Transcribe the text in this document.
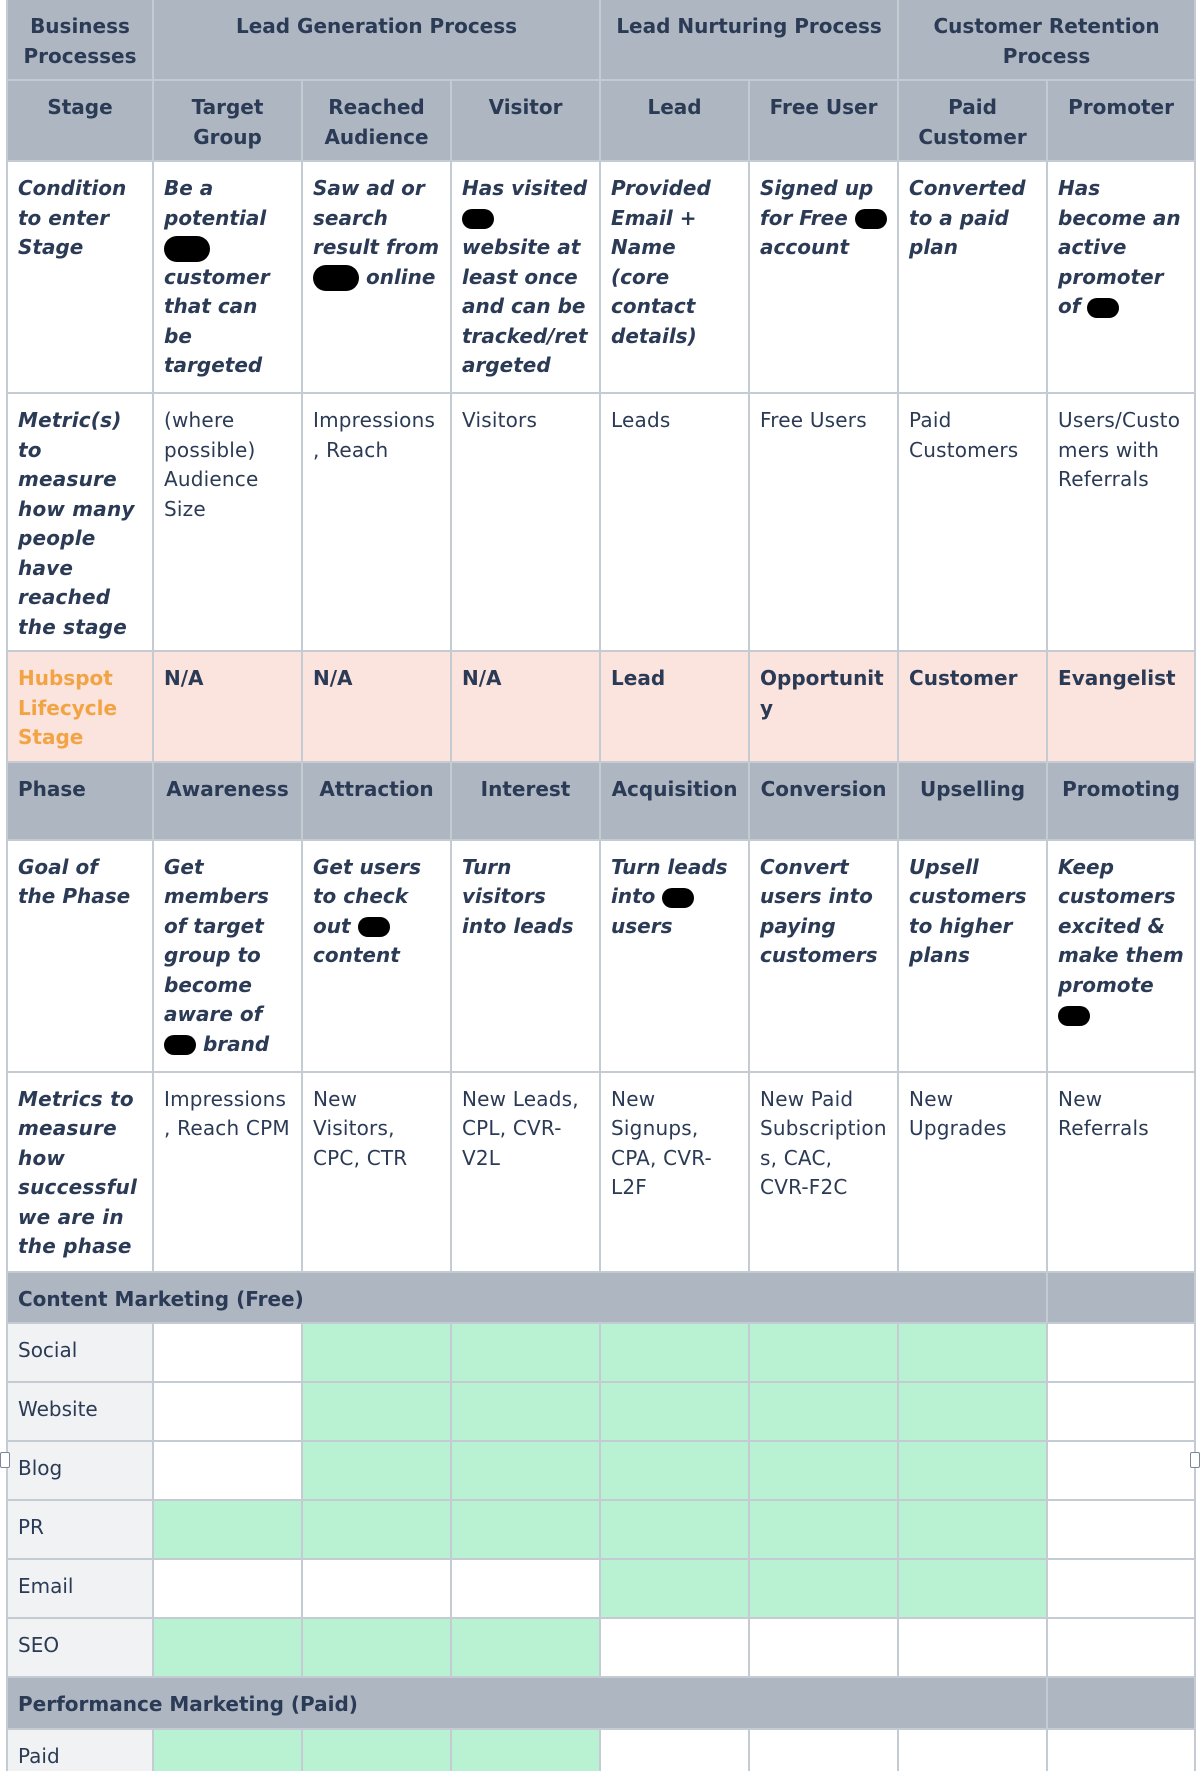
Business Processes	Lead Generation Process			Lead Nurturing Process		Customer Retention Process	
Stage	Target Group	Reached Audience	Visitor	Lead	Free User	Paid Customer	Promoter
Condition to enter Stage	Be a potential  customer that can be targeted	Saw ad or search result from  online	Has visited  website at least once and can be tracked/retargeted	Provided Email + Name (core contact details)	Signed up for Free  account	Converted to a paid plan	Has become an active promoter of
Metric(s) to measure how many people have reached the stage	(where possible) Audience Size	Impressions, Reach	Visitors	Leads	Free Users	Paid Customers	Users/Customers with Referrals
Hubspot Lifecycle Stage	N/A	N/A	N/A	Lead	Opportunity	Customer	Evangelist
Phase	Awareness	Attraction	Interest	Acquisition	Conversion	Upselling	Promoting
Goal of the Phase	Get members of target group to become aware of  brand	Get users to check out  content	Turn visitors into leads	Turn leads into  users	Convert users into paying customers	Upsell customers to higher plans	Keep customers excited & make them promote
Metrics to measure how successful we are in the phase	Impressions, Reach CPM	New Visitors, CPC, CTR	New Leads, CPL, CVR-V2L	New Signups, CPA, CVR-L2F	New Paid Subscriptions, CAC, CVR-F2C	New Upgrades	New Referrals
Content Marketing (Free)							
Social							
Website							
Blog							
PR							
Email							
SEO							
Performance Marketing (Paid)							
Paid							
